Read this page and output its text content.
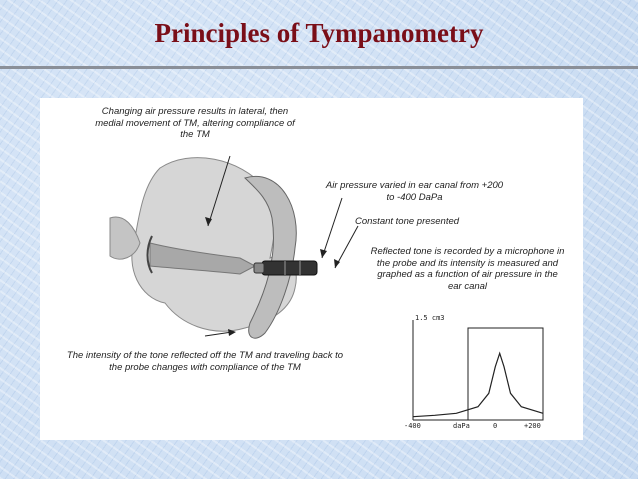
Principles of Tympanometry
1.5 cm3
-400	daPa	0	+200
Changing air pressure results in lateral, then medial movement of TM, altering compliance of the TM
Air pressure varied in ear canal from +200 to -400 DaPa
Constant tone presented
Reflected tone is recorded by a microphone in the probe and its intensity is measured and graphed as a function of air pressure in the ear canal
The intensity of the tone reflected off the TM and traveling back to the probe changes with compliance of the TM
